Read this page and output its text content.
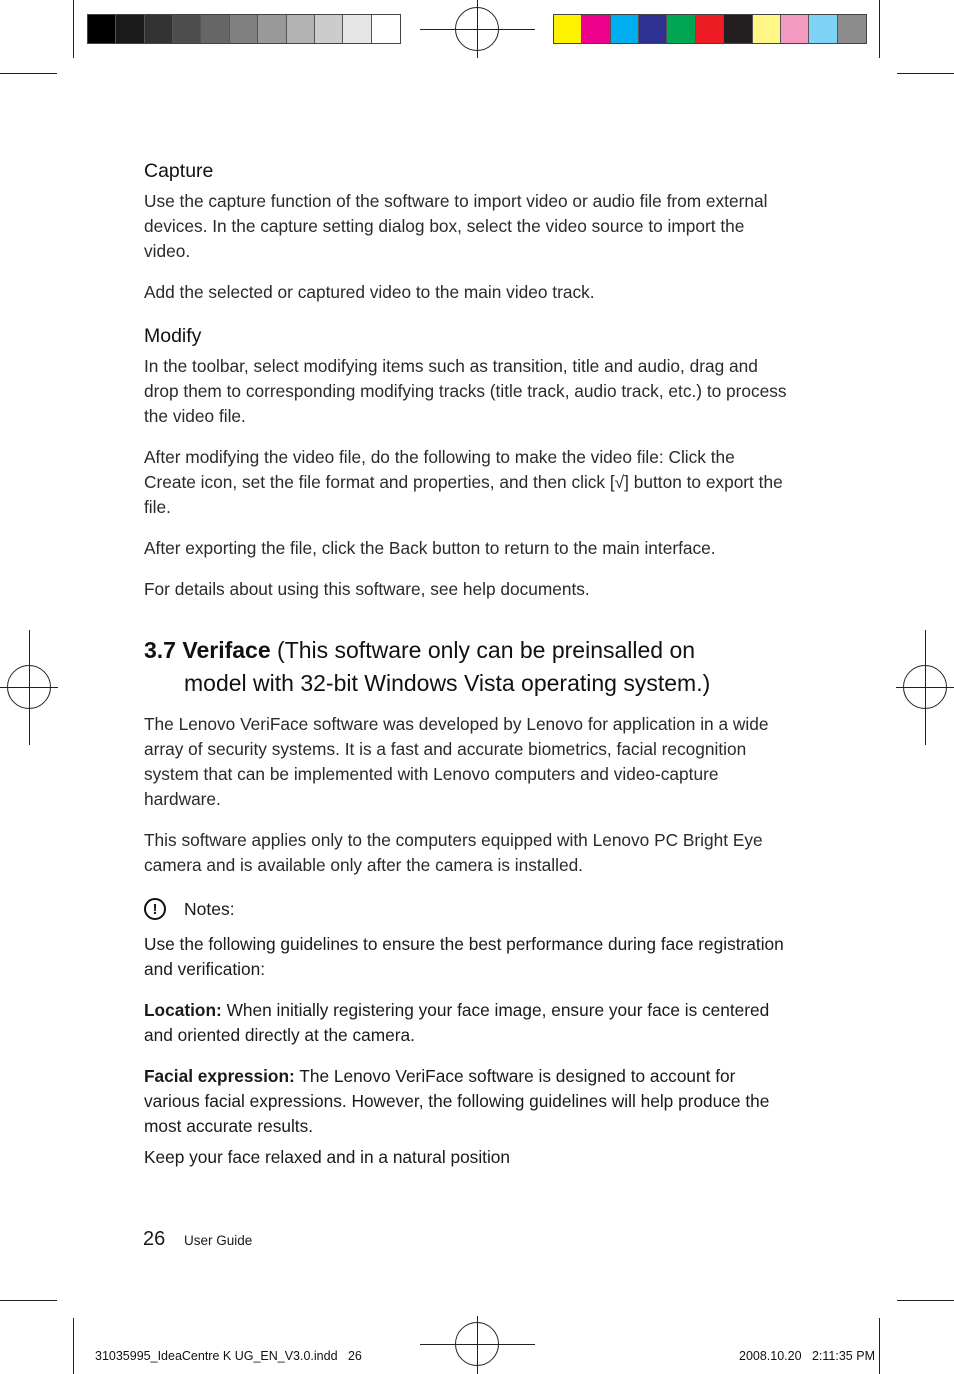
Capture

Use the capture function of the software to import video or audio file from external devices. In the capture setting dialog box, select the video source to import the video.

Add the selected or captured video to the main video track.

Modify

In the toolbar, select modifying items such as transition, title and audio, drag and drop them to corresponding modifying tracks (title track, audio track, etc.) to process the video file.

After modifying the video file, do the following to make the video file: Click the Create icon, set the file format and properties, and then click [√] button to export the file.

After exporting the file, click the Back button to return to the main interface.

For details about using this software, see help documents.

3.7 Veriface (This software only can be preinsalled on
model with 32-bit Windows Vista operating system.)

The Lenovo VeriFace software was developed by Lenovo for application in a wide array of security systems. It is a fast and accurate biometrics, facial recognition system that can be implemented with Lenovo computers and video-capture hardware.

This software applies only to the computers equipped with Lenovo PC Bright Eye camera and is available only after the camera is installed.

!	Notes:

Use the following guidelines to ensure the best performance during face registration and verification:

Location: When initially registering your face image, ensure your face is centered and oriented directly at the camera.

Facial expression: The Lenovo VeriFace software is designed to account for various facial expressions. However, the following guidelines will help produce the most accurate results.

Keep your face relaxed and in a natural position

26 User Guide
31035995_IdeaCentre K UG_EN_V3.0.indd   26	2008.10.20   2:11:35 PM
